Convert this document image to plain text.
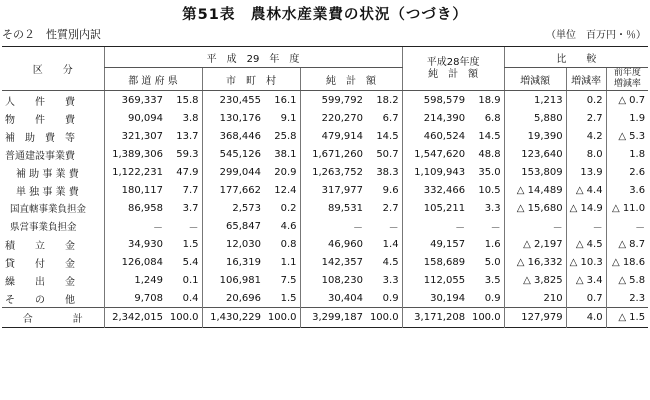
第51表　農林水産業費の状況（つづき）
その２　性質別内訳	（単位　百万円・％）
区　　分	平　成　29　年　度						平成28年度
純　計　額		比　　較		
	都 道 府 県		市　町　村		純　計　額				増減額	増減率	前年度
増減率

人　　件　　費	369,337	15.8	230,455	16.1	599,792	18.2	598,579	18.9	1,213	0.2	△ 0.7
物　　件　　費	90,094	3.8	130,176	9.1	220,270	6.7	214,390	6.8	5,880	2.7	1.9
補　助　費　等	321,307	13.7	368,446	25.8	479,914	14.5	460,524	14.5	19,390	4.2	△ 5.3
普通建設事業費	1,389,306	59.3	545,126	38.1	1,671,260	50.7	1,547,620	48.8	123,640	8.0	1.8
補 助 事 業 費	1,122,231	47.9	299,044	20.9	1,263,752	38.3	1,109,943	35.0	153,809	13.9	2.6
単 独 事 業 費	180,117	7.7	177,662	12.4	317,977	9.6	332,466	10.5	△ 14,489	△ 4.4	3.6
国直轄事業負担金	86,958	3.7	2,573	0.2	89,531	2.7	105,211	3.3	△ 15,680	△ 14.9	△ 11.0
県営事業負担金	－	－	65,847	4.6	－	－	－	－	－	－	－
積　　立　　金	34,930	1.5	12,030	0.8	46,960	1.4	49,157	1.6	△ 2,197	△ 4.5	△ 8.7
貸　　付　　金	126,084	5.4	16,319	1.1	142,357	4.5	158,689	5.0	△ 16,332	△ 10.3	△ 18.6
繰　　出　　金	1,249	0.1	106,981	7.5	108,230	3.3	112,055	3.5	△ 3,825	△ 3.4	△ 5.8
そ　　の　　他	9,708	0.4	20,696	1.5	30,404	0.9	30,194	0.9	210	0.7	2.3
合　　　　計	2,342,015	100.0	1,430,229	100.0	3,299,187	100.0	3,171,208	100.0	127,979	4.0	△ 1.5
